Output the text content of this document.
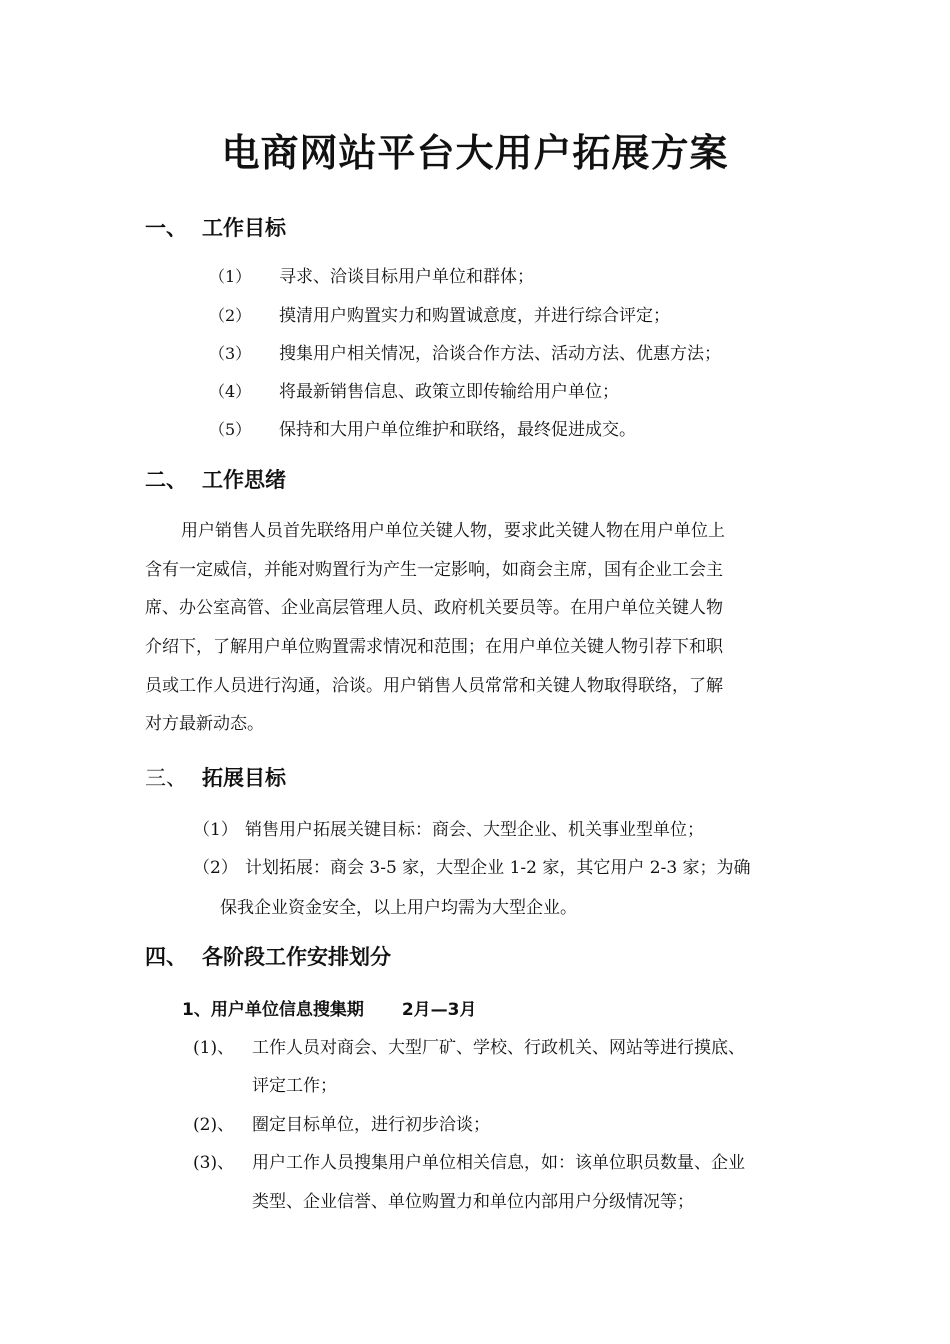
电商网站平台大用户拓展方案
一、 工作目标
（1） 寻求、洽谈目标用户单位和群体；
（2） 摸清用户购置实力和购置诚意度，并进行综合评定；
（3） 搜集用户相关情况，洽谈合作方法、活动方法、优惠方法；
（4） 将最新销售信息、政策立即传输给用户单位；
（5） 保持和大用户单位维护和联络，最终促进成交。
二、 工作思绪
用户销售人员首先联络用户单位关键人物，要求此关键人物在用户单位上
含有一定威信，并能对购置行为产生一定影响，如商会主席，国有企业工会主
席、办公室高管、企业高层管理人员、政府机关要员等。在用户单位关键人物
介绍下，了解用户单位购置需求情况和范围；在用户单位关键人物引荐下和职
员或工作人员进行沟通，洽谈。用户销售人员常常和关键人物取得联络，了解
对方最新动态。
三、 拓展目标
（1） 销售用户拓展关键目标：商会、大型企业、机关事业型单位；
（2） 计划拓展：商会 3-5 家，大型企业 1-2 家，其它用户 2-3 家；为确
保我企业资金安全，以上用户均需为大型企业。
四、 各阶段工作安排划分
1、用户单位信息搜集期 2月—3月
(1)、 工作人员对商会、大型厂矿、学校、行政机关、网站等进行摸底、
评定工作；
(2)、 圈定目标单位，进行初步洽谈；
(3)、 用户工作人员搜集用户单位相关信息，如：该单位职员数量、企业
类型、企业信誉、单位购置力和单位内部用户分级情况等；
